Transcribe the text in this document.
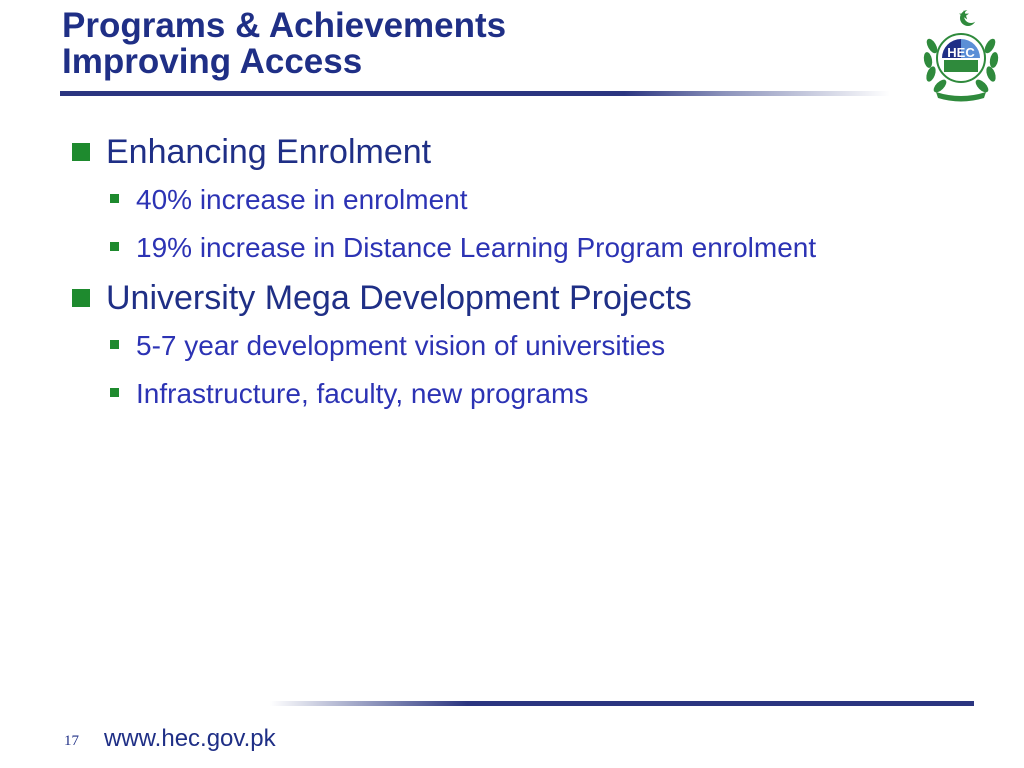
Programs & Achievements
Improving Access	HEC
Enhancing Enrolment
40% increase in enrolment
19% increase in Distance Learning Program enrolment
University Mega Development Projects
5-7 year development vision of universities
Infrastructure, faculty, new programs
17 www.hec.gov.pk
